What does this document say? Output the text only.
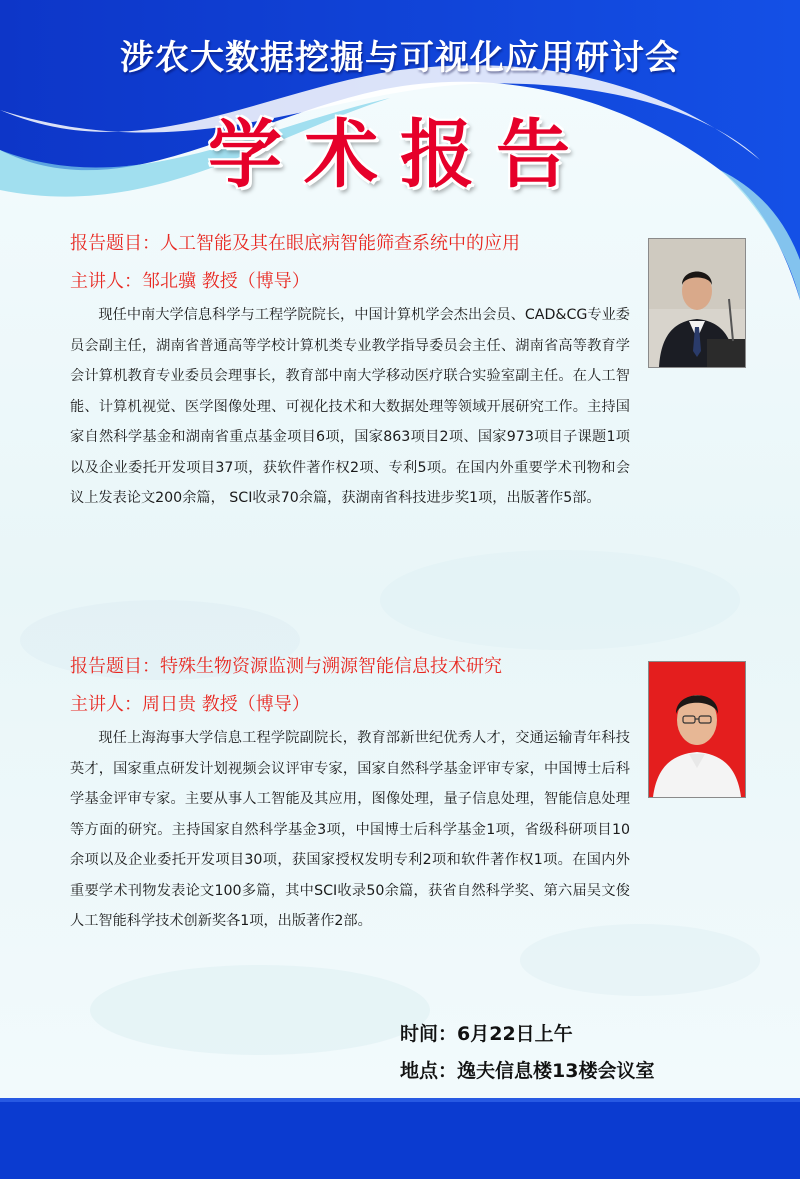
涉农大数据挖掘与可视化应用研讨会
学术报告
报告题目：人工智能及其在眼底病智能筛查系统中的应用
主讲人：邹北骥 教授（博导）
现任中南大学信息科学与工程学院院长，中国计算机学会杰出会员、CAD&CG专业委员会副主任，湖南省普通高等学校计算机类专业教学指导委员会主任、湖南省高等教育学会计算机教育专业委员会理事长，教育部中南大学移动医疗联合实验室副主任。在人工智能、计算机视觉、医学图像处理、可视化技术和大数据处理等领域开展研究工作。主持国家自然科学基金和湖南省重点基金项目6项，国家863项目2项、国家973项目子课题1项以及企业委托开发项目37项，获软件著作权2项、专利5项。在国内外重要学术刊物和会议上发表论文200余篇， SCI收录70余篇，获湖南省科技进步奖1项，出版著作5部。
报告题目：特殊生物资源监测与溯源智能信息技术研究
主讲人：周日贵 教授（博导）
现任上海海事大学信息工程学院副院长，教育部新世纪优秀人才，交通运输青年科技英才，国家重点研发计划视频会议评审专家，国家自然科学基金评审专家，中国博士后科学基金评审专家。主要从事人工智能及其应用，图像处理，量子信息处理，智能信息处理等方面的研究。主持国家自然科学基金3项，中国博士后科学基金1项，省级科研项目10余项以及企业委托开发项目30项，获国家授权发明专利2项和软件著作权1项。在国内外重要学术刊物发表论文100多篇，其中SCI收录50余篇，获省自然科学奖、第六届吴文俊人工智能科学技术创新奖各1项，出版著作2部。
时间：6月22日上午
地点：逸夫信息楼13楼会议室
